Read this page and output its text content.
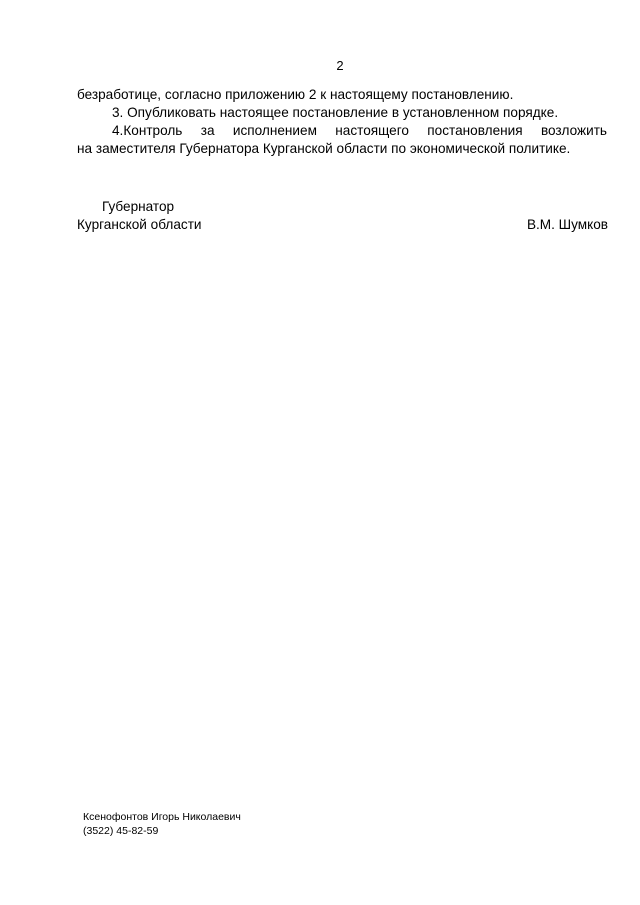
2

безработице, согласно приложению 2 к настоящему постановлению.

3. Опубликовать настоящее постановление в установленном порядке.

4.Контроль за исполнением настоящего постановления возложить

на заместителя Губернатора Курганской области по экономической политике.

Губернатор
Курганской области	В.М. Шумков
Ксенофонтов Игорь Николаевич
(3522) 45-82-59
